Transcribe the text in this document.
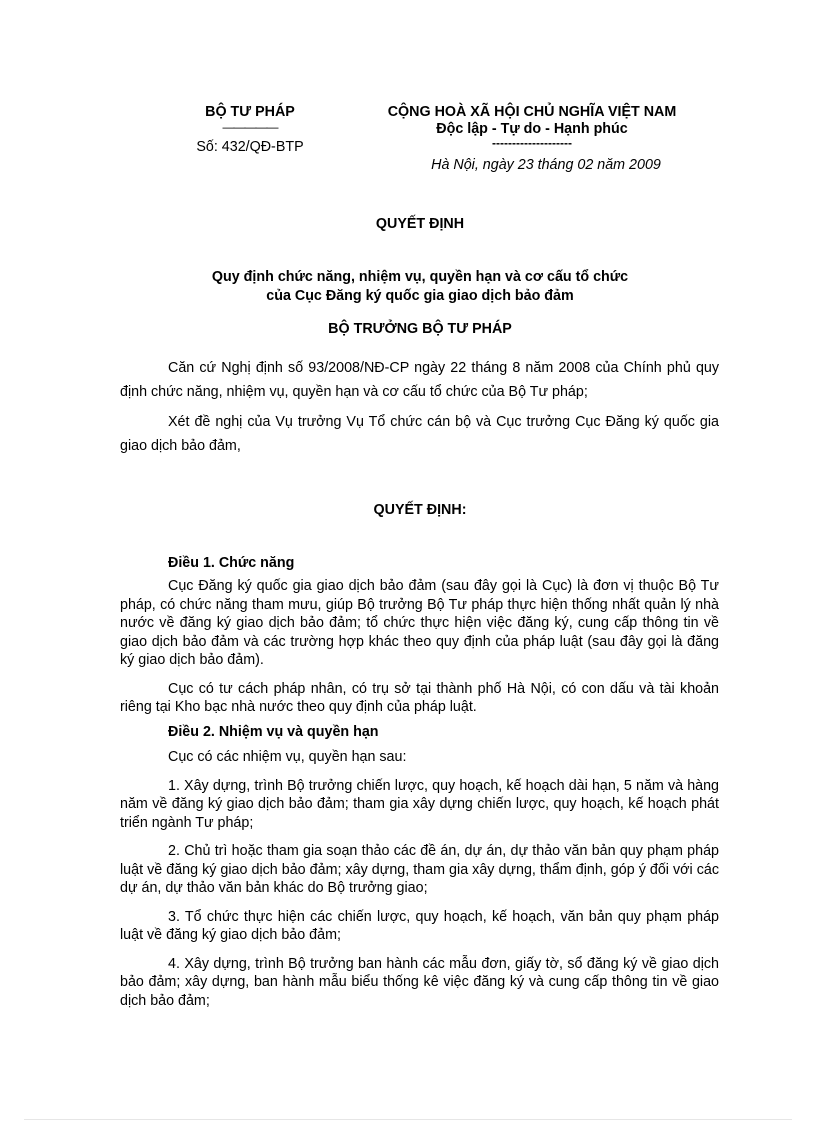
BỘ TƯ PHÁP
—————
Số: 432/QĐ-BTP
CỘNG HOÀ XÃ HỘI CHỦ NGHĨA VIỆT NAM
Độc lập - Tự do - Hạnh phúc
--------------------
Hà Nội, ngày 23 tháng 02 năm 2009
QUYẾT ĐỊNH
Quy định chức năng, nhiệm vụ, quyền hạn và cơ cấu tổ chức
của Cục Đăng ký quốc gia giao dịch bảo đảm
BỘ TRƯỞNG BỘ TƯ PHÁP

Căn cứ Nghị định số 93/2008/NĐ-CP ngày 22 tháng 8 năm 2008 của Chính phủ quy định chức năng, nhiệm vụ, quyền hạn và cơ cấu tổ chức của Bộ Tư pháp;

Xét đề nghị của Vụ trưởng Vụ Tổ chức cán bộ và Cục trưởng Cục Đăng ký quốc gia giao dịch bảo đảm,

QUYẾT ĐỊNH:
Điều 1. Chức năng

Cục Đăng ký quốc gia giao dịch bảo đảm (sau đây gọi là Cục) là đơn vị thuộc Bộ Tư pháp, có chức năng tham mưu, giúp Bộ trưởng Bộ Tư pháp thực hiện thống nhất quản lý nhà nước về đăng ký giao dịch bảo đảm; tổ chức thực hiện việc đăng ký, cung cấp thông tin về giao dịch bảo đảm và các trường hợp khác theo quy định của pháp luật (sau đây gọi là đăng ký giao dịch bảo đảm).

Cục có tư cách pháp nhân, có trụ sở tại thành phố Hà Nội, có con dấu và tài khoản riêng tại Kho bạc nhà nước theo quy định của pháp luật.

Điều 2. Nhiệm vụ và quyền hạn

Cục có các nhiệm vụ, quyền hạn sau:

1. Xây dựng, trình Bộ trưởng chiến lược, quy hoạch, kế hoạch dài hạn, 5 năm và hàng năm về đăng ký giao dịch bảo đảm; tham gia xây dựng chiến lược, quy hoạch, kế hoạch phát triển ngành Tư pháp;

2. Chủ trì hoặc tham gia soạn thảo các đề án, dự án, dự thảo văn bản quy phạm pháp luật về đăng ký giao dịch bảo đảm; xây dựng, tham gia xây dựng, thẩm định, góp ý đối với các dự án, dự thảo văn bản khác do Bộ trưởng giao;

3. Tổ chức thực hiện các chiến lược, quy hoạch, kế hoạch, văn bản quy phạm pháp luật về đăng ký giao dịch bảo đảm;

4. Xây dựng, trình Bộ trưởng ban hành các mẫu đơn, giấy tờ, sổ đăng ký về giao dịch bảo đảm; xây dựng, ban hành mẫu biểu thống kê việc đăng ký và cung cấp thông tin về giao dịch bảo đảm;
